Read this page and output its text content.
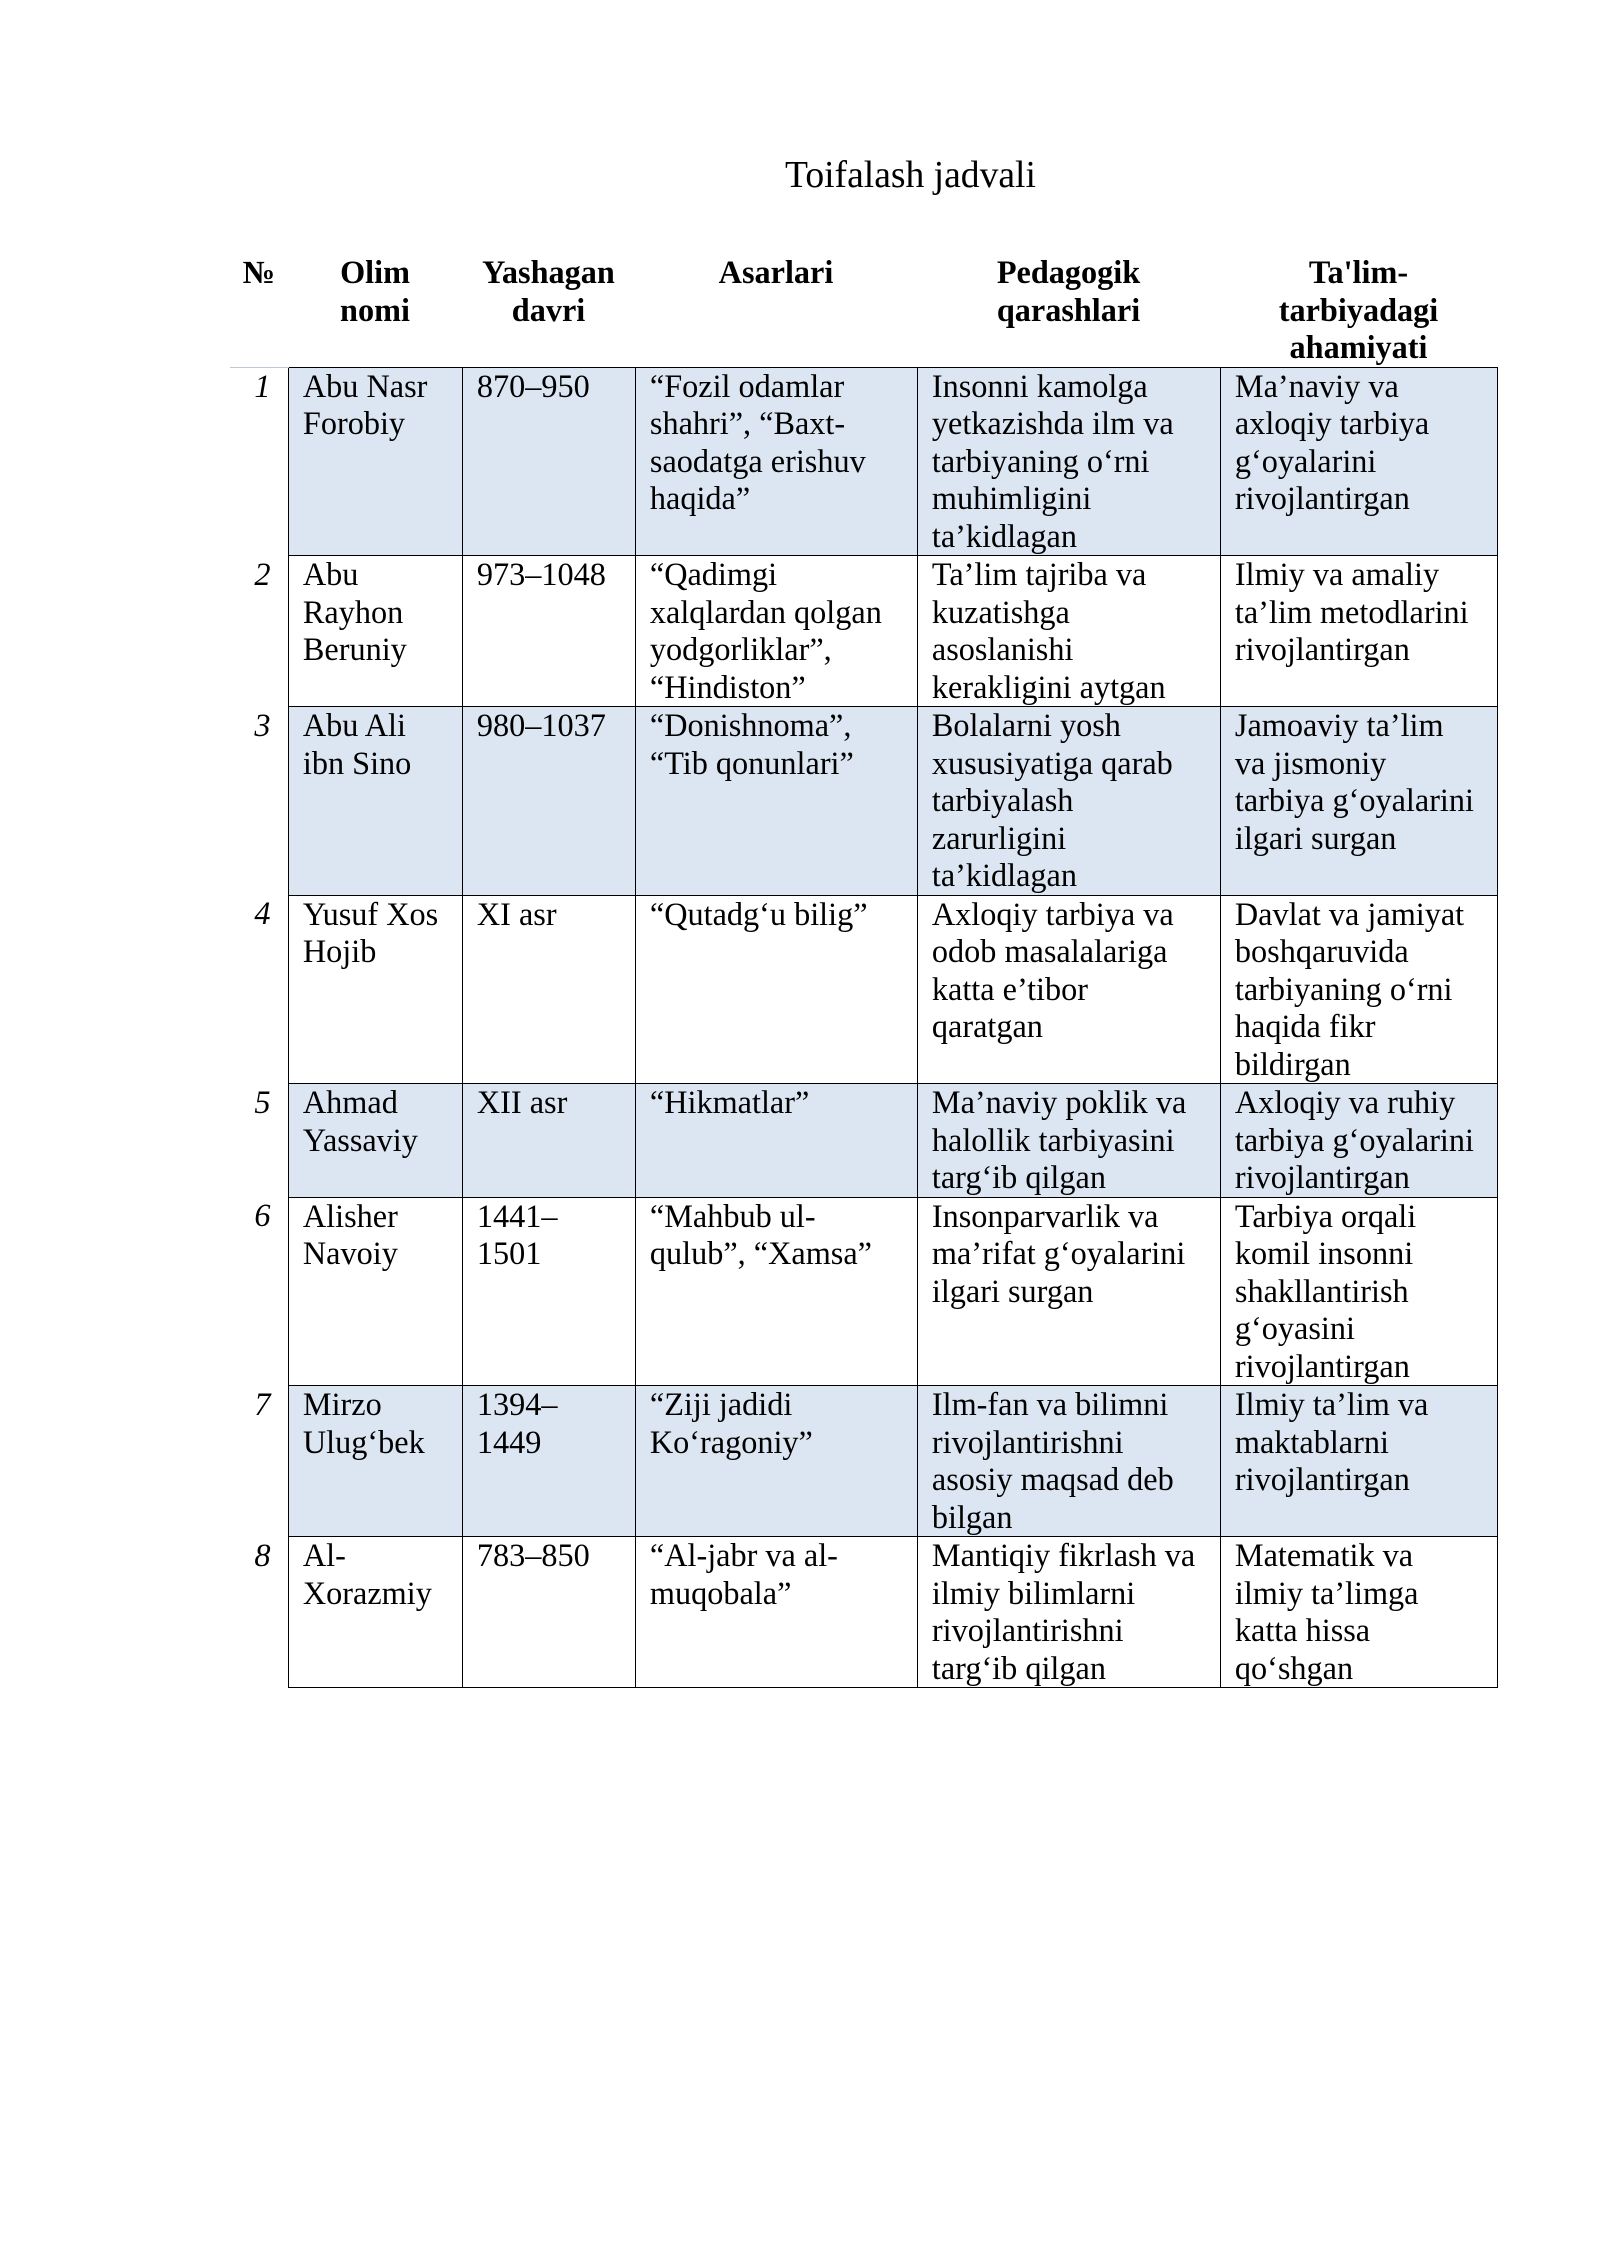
Toifalash jadvali
№	Olim nomi	Yashagan davri	Asarlari	Pedagogik qarashlari	Ta'lim-tarbiyadagi ahamiyati
1	Abu Nasr Forobiy	870–950	“Fozil odamlar shahri”, “Baxt-saodatga erishuv haqida”	Insonni kamolga yetkazishda ilm va tarbiyaning o‘rni muhimligini ta’kidlagan	Ma’naviy va axloqiy tarbiya g‘oyalarini rivojlantirgan
2	Abu Rayhon Beruniy	973–1048	“Qadimgi xalqlardan qolgan yodgorliklar”, “Hindiston”	Ta’lim tajriba va kuzatishga asoslanishi kerakligini aytgan	Ilmiy va amaliy ta’lim metodlarini rivojlantirgan
3	Abu Ali ibn Sino	980–1037	“Donishnoma”, “Tib qonunlari”	Bolalarni yosh xususiyatiga qarab tarbiyalash zarurligini ta’kidlagan	Jamoaviy ta’lim va jismoniy tarbiya g‘oyalarini ilgari surgan
4	Yusuf Xos Hojib	XI asr	“Qutadg‘u bilig”	Axloqiy tarbiya va odob masalalariga katta e’tibor qaratgan	Davlat va jamiyat boshqaruvida tarbiyaning o‘rni haqida fikr bildirgan
5	Ahmad Yassaviy	XII asr	“Hikmatlar”	Ma’naviy poklik va halollik tarbiyasini targ‘ib qilgan	Axloqiy va ruhiy tarbiya g‘oyalarini rivojlantirgan
6	Alisher Navoiy	1441–1501	“Mahbub ul-qulub”, “Xamsa”	Insonparvarlik va ma’rifat g‘oyalarini ilgari surgan	Tarbiya orqali komil insonni shakllantirish g‘oyasini rivojlantirgan
7	Mirzo Ulug‘bek	1394–1449	“Ziji jadidi Ko‘ragoniy”	Ilm-fan va bilimni rivojlantirishni asosiy maqsad deb bilgan	Ilmiy ta’lim va maktablarni rivojlantirgan
8	Al-Xorazmiy	783–850	“Al-jabr va al-muqobala”	Mantiqiy fikrlash va ilmiy bilimlarni rivojlantirishni targ‘ib qilgan	Matematik va ilmiy ta’limga katta hissa qo‘shgan
